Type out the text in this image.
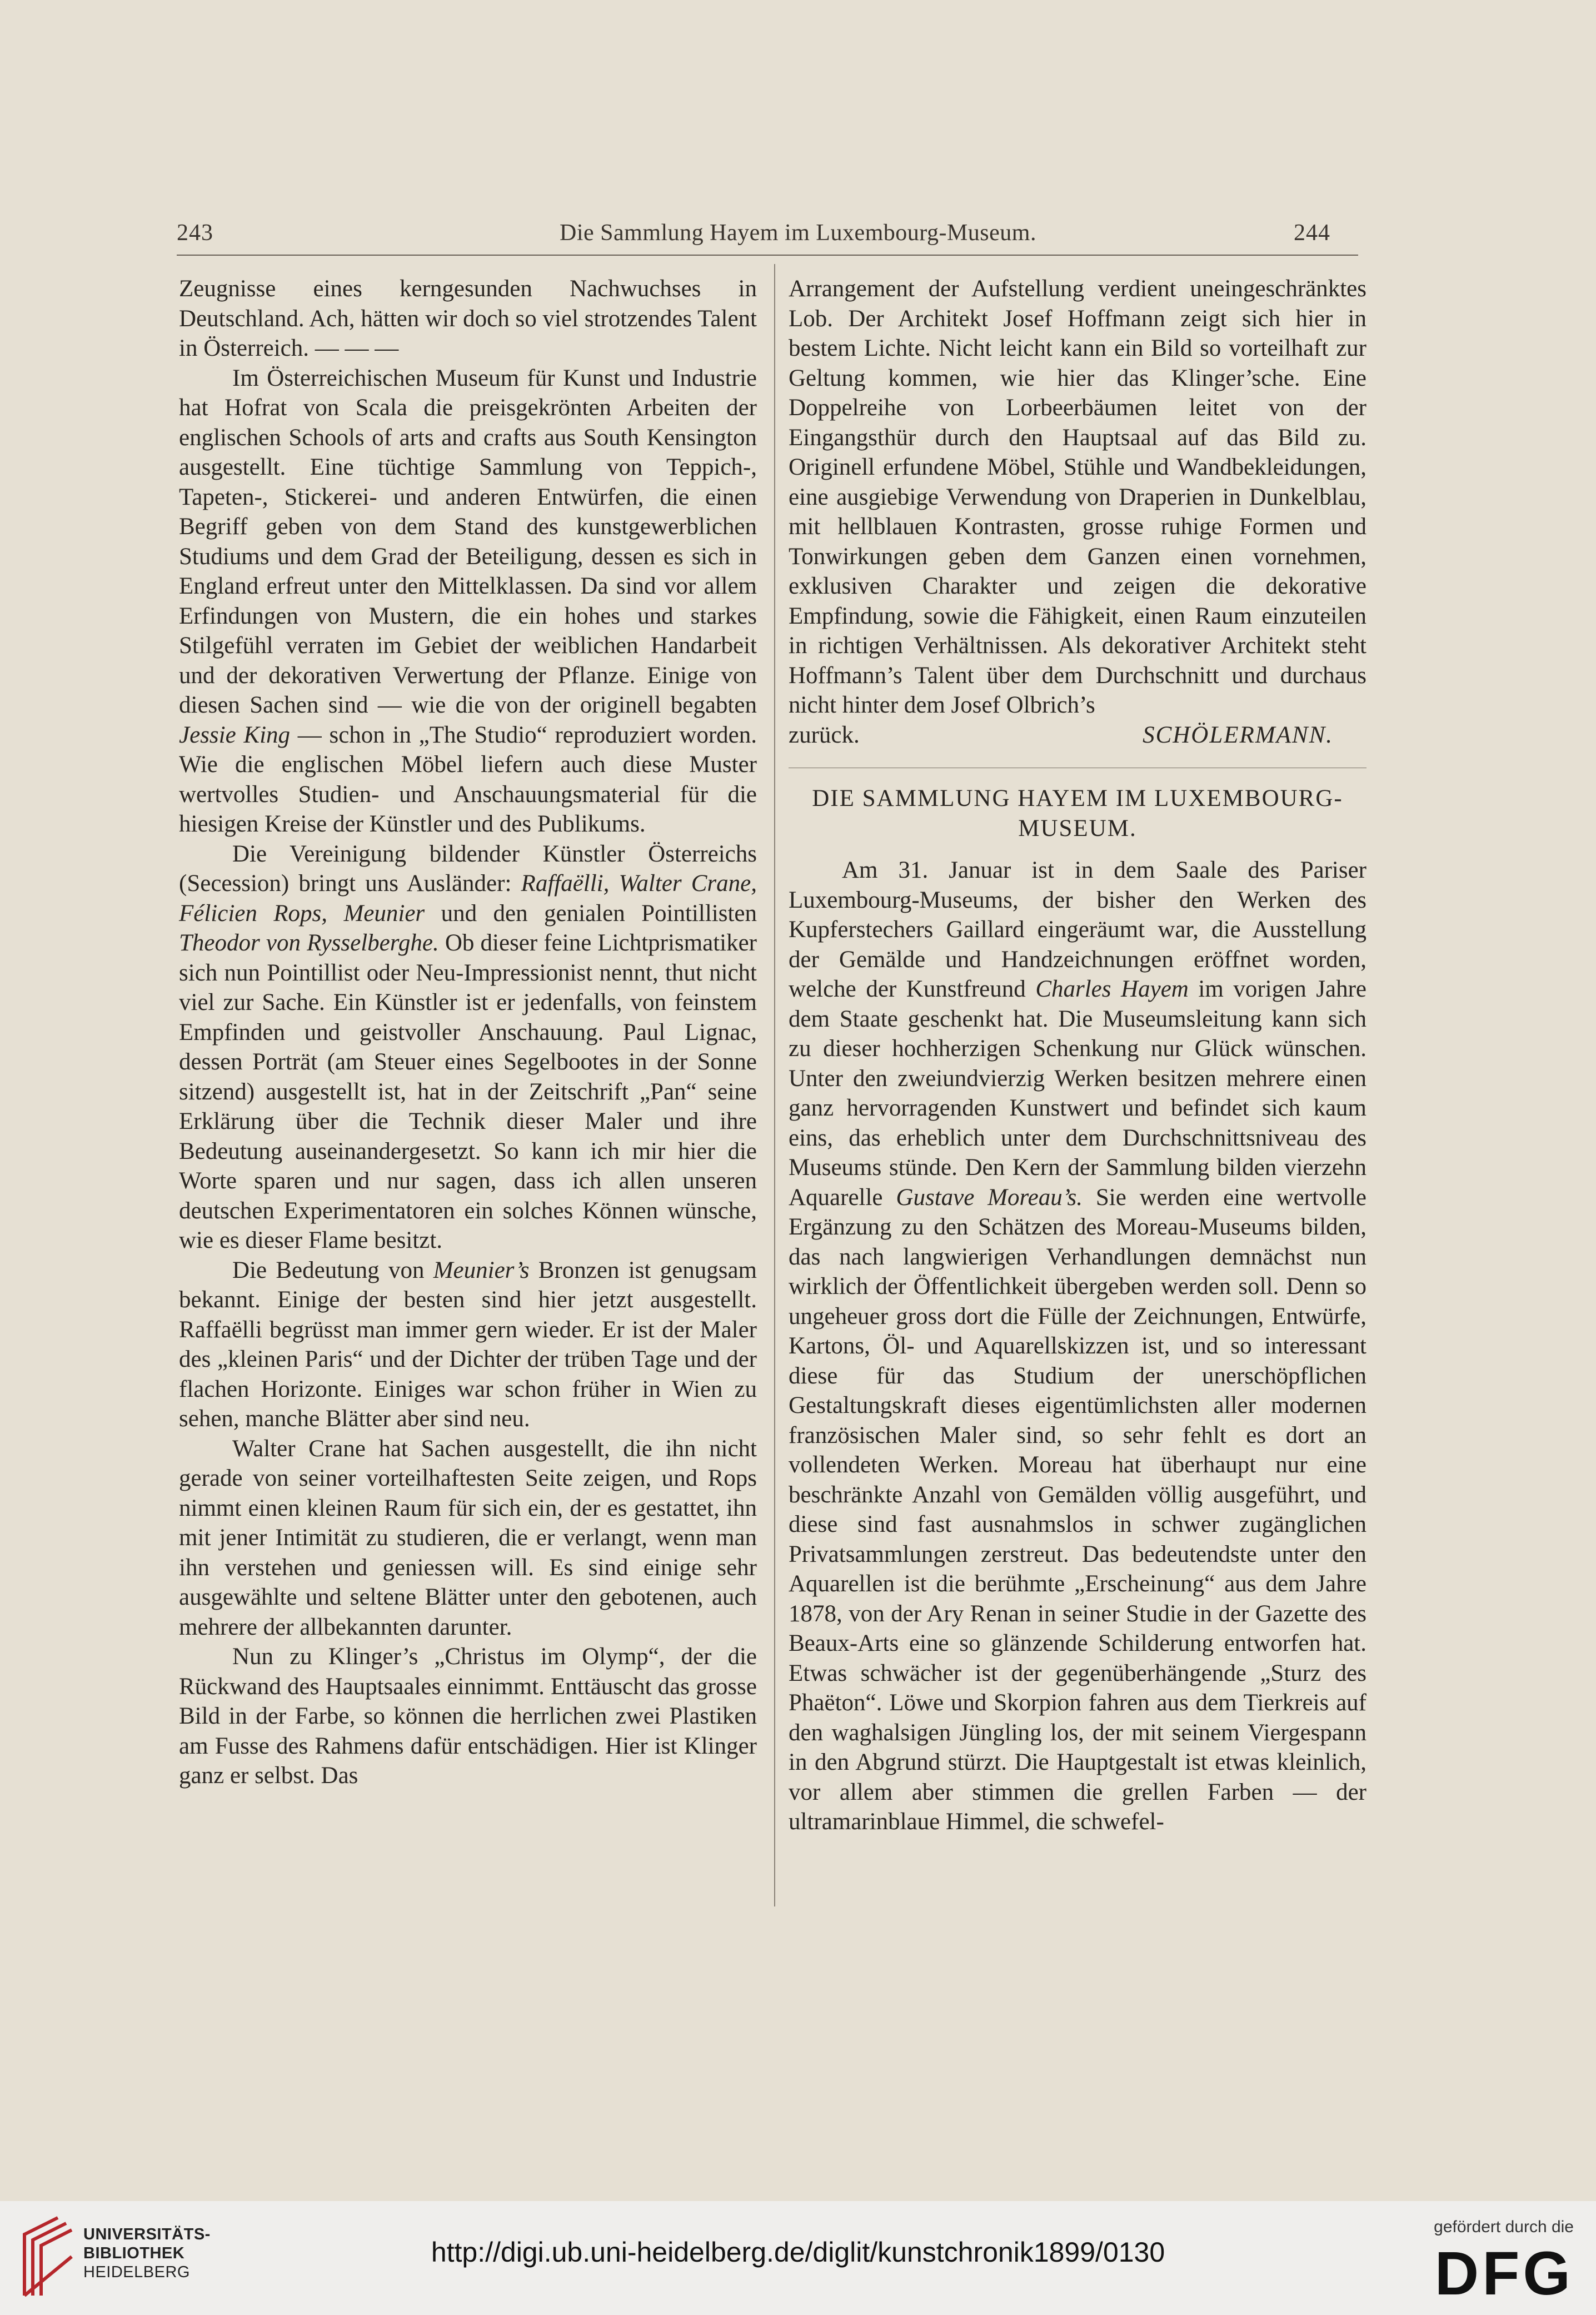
243	Die Sammlung Hayem im Luxembourg-Museum.	244

Zeugnisse eines kerngesunden Nachwuchses in Deutschland. Ach, hätten wir doch so viel strotzendes Talent in Österreich. — — —

Im Österreichischen Museum für Kunst und Industrie hat Hofrat von Scala die preisgekrönten Arbeiten der englischen Schools of arts and crafts aus South Kensington ausgestellt. Eine tüchtige Sammlung von Teppich-, Tapeten-, Stickerei- und anderen Entwürfen, die einen Begriff geben von dem Stand des kunstgewerblichen Studiums und dem Grad der Beteiligung, dessen es sich in England erfreut unter den Mittelklassen. Da sind vor allem Erfindungen von Mustern, die ein hohes und starkes Stilgefühl verraten im Gebiet der weiblichen Handarbeit und der dekorativen Verwertung der Pflanze. Einige von diesen Sachen sind — wie die von der originell begabten Jessie King — schon in „The Studio“ reproduziert worden. Wie die englischen Möbel liefern auch diese Muster wertvolles Studien- und Anschauungsmaterial für die hiesigen Kreise der Künstler und des Publikums.

Die Vereinigung bildender Künstler Österreichs (Secession) bringt uns Ausländer: Raffaëlli, Walter Crane, Félicien Rops, Meunier und den genialen Pointillisten Theodor von Rysselberghe. Ob dieser feine Lichtprismatiker sich nun Pointillist oder Neu-Impressionist nennt, thut nicht viel zur Sache. Ein Künstler ist er jedenfalls, von feinstem Empfinden und geistvoller Anschauung. Paul Lignac, dessen Porträt (am Steuer eines Segelbootes in der Sonne sitzend) ausgestellt ist, hat in der Zeitschrift „Pan“ seine Erklärung über die Technik dieser Maler und ihre Bedeutung auseinandergesetzt. So kann ich mir hier die Worte sparen und nur sagen, dass ich allen unseren deutschen Experimentatoren ein solches Können wünsche, wie es dieser Flame besitzt.

Die Bedeutung von Meunier’s Bronzen ist genugsam bekannt. Einige der besten sind hier jetzt ausgestellt. Raffaëlli begrüsst man immer gern wieder. Er ist der Maler des „kleinen Paris“ und der Dichter der trüben Tage und der flachen Horizonte. Einiges war schon früher in Wien zu sehen, manche Blätter aber sind neu.

Walter Crane hat Sachen ausgestellt, die ihn nicht gerade von seiner vorteilhaftesten Seite zeigen, und Rops nimmt einen kleinen Raum für sich ein, der es gestattet, ihn mit jener Intimität zu studieren, die er verlangt, wenn man ihn verstehen und geniessen will. Es sind einige sehr ausgewählte und seltene Blätter unter den gebotenen, auch mehrere der allbekannten darunter.

Nun zu Klinger’s „Christus im Olymp“, der die Rückwand des Hauptsaales einnimmt. Enttäuscht das grosse Bild in der Farbe, so können die herrlichen zwei Plastiken am Fusse des Rahmens dafür entschädigen. Hier ist Klinger ganz er selbst. Das

Arrangement der Aufstellung verdient uneingeschränktes Lob. Der Architekt Josef Hoffmann zeigt sich hier in bestem Lichte. Nicht leicht kann ein Bild so vorteilhaft zur Geltung kommen, wie hier das Klinger’sche. Eine Doppelreihe von Lorbeerbäumen leitet von der Eingangsthür durch den Hauptsaal auf das Bild zu. Originell erfundene Möbel, Stühle und Wandbekleidungen, eine ausgiebige Verwendung von Draperien in Dunkelblau, mit hellblauen Kontrasten, grosse ruhige Formen und Tonwirkungen geben dem Ganzen einen vornehmen, exklusiven Charakter und zeigen die dekorative Empfindung, sowie die Fähigkeit, einen Raum einzuteilen in richtigen Verhältnissen. Als dekorativer Architekt steht Hoffmann’s Talent über dem Durchschnitt und durchaus nicht hinter dem Josef Olbrich’s

zurück.	SCHÖLERMANN.
DIE SAMMLUNG HAYEM IM LUXEMBOURG-
MUSEUM.

Am 31. Januar ist in dem Saale des Pariser Luxembourg-Museums, der bisher den Werken des Kupferstechers Gaillard eingeräumt war, die Ausstellung der Gemälde und Handzeichnungen eröffnet worden, welche der Kunstfreund Charles Hayem im vorigen Jahre dem Staate geschenkt hat. Die Museumsleitung kann sich zu dieser hochherzigen Schenkung nur Glück wünschen. Unter den zweiundvierzig Werken besitzen mehrere einen ganz hervorragenden Kunstwert und befindet sich kaum eins, das erheblich unter dem Durchschnittsniveau des Museums stünde. Den Kern der Sammlung bilden vierzehn Aquarelle Gustave Moreau’s. Sie werden eine wertvolle Ergänzung zu den Schätzen des Moreau-Museums bilden, das nach langwierigen Verhandlungen demnächst nun wirklich der Öffentlichkeit übergeben werden soll. Denn so ungeheuer gross dort die Fülle der Zeichnungen, Entwürfe, Kartons, Öl- und Aquarellskizzen ist, und so interessant diese für das Studium der unerschöpflichen Gestaltungskraft dieses eigentümlichsten aller modernen französischen Maler sind, so sehr fehlt es dort an vollendeten Werken. Moreau hat überhaupt nur eine beschränkte Anzahl von Gemälden völlig ausgeführt, und diese sind fast ausnahmslos in schwer zugänglichen Privatsammlungen zerstreut. Das bedeutendste unter den Aquarellen ist die berühmte „Erscheinung“ aus dem Jahre 1878, von der Ary Renan in seiner Studie in der Gazette des Beaux-Arts eine so glänzende Schilderung entworfen hat. Etwas schwächer ist der gegenüberhängende „Sturz des Phaëton“. Löwe und Skorpion fahren aus dem Tierkreis auf den waghalsigen Jüngling los, der mit seinem Viergespann in den Abgrund stürzt. Die Hauptgestalt ist etwas kleinlich, vor allem aber stimmen die grellen Farben — der ultramarinblaue Himmel, die schwefel-

UNIVERSITÄTS-
BIBLIOTHEK
HEIDELBERG
http://digi.ub.uni-heidelberg.de/diglit/kunstchronik1899/0130
gefördert durch die
DFG
